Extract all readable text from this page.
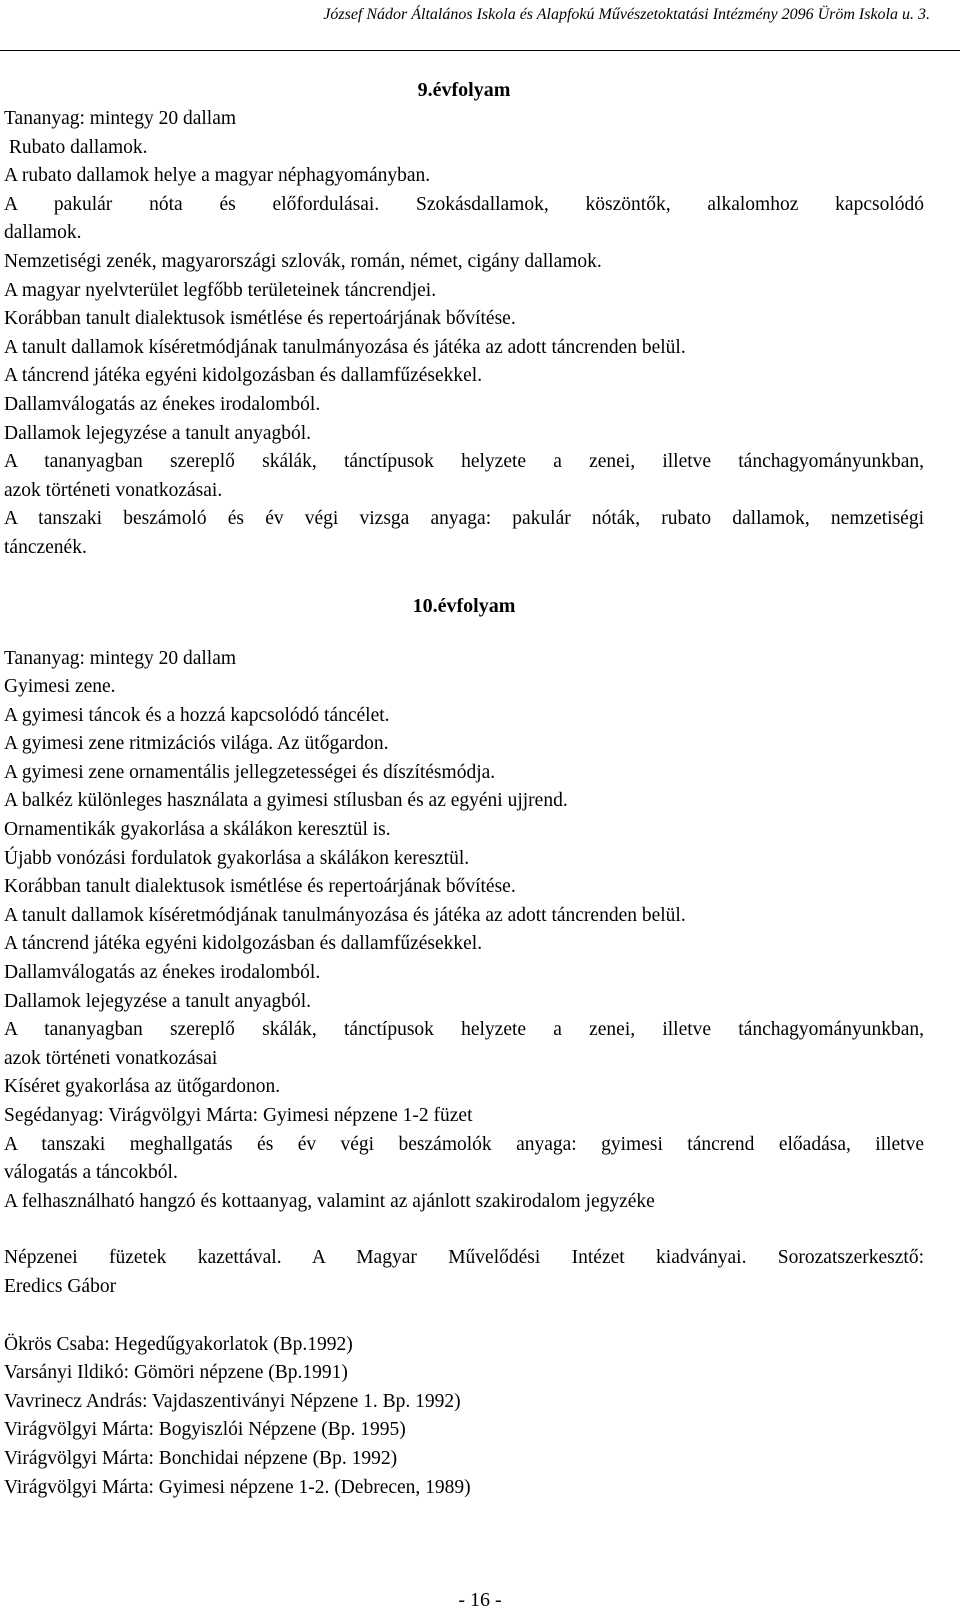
József Nádor Általános Iskola és Alapfokú Művészetoktatási Intézmény 2096 Üröm Iskola u. 3.

9.évfolyam

Tananyag: mintegy 20 dallam

Rubato dallamok.

A rubato dallamok helye a magyar néphagyományban.

A pakulár nóta és előfordulásai. Szokásdallamok, köszöntők, alkalomhoz kapcsolódó

dallamok.

Nemzetiségi zenék, magyarországi szlovák, román, német, cigány dallamok.

A magyar nyelvterület legfőbb területeinek táncrendjei.

Korábban tanult dialektusok ismétlése és repertoárjának bővítése.

A tanult dallamok kíséretmódjának tanulmányozása és játéka az adott táncrenden belül.

A táncrend játéka egyéni kidolgozásban és dallamfűzésekkel.

Dallamválogatás az énekes irodalomból.

Dallamok lejegyzése a tanult anyagból.

A tananyagban szereplő skálák, tánctípusok helyzete a zenei, illetve tánchagyományunkban,

azok történeti vonatkozásai.

A tanszaki beszámoló és év végi vizsga anyaga: pakulár nóták, rubato dallamok, nemzetiségi

tánczenék.

10.évfolyam

Tananyag: mintegy 20 dallam

Gyimesi zene.

A gyimesi táncok és a hozzá kapcsolódó táncélet.

A gyimesi zene ritmizációs világa. Az ütőgardon.

A gyimesi zene ornamentális jellegzetességei és díszítésmódja.

A balkéz különleges használata a gyimesi stílusban és az egyéni ujjrend.

Ornamentikák gyakorlása a skálákon keresztül is.

Újabb vonózási fordulatok gyakorlása a skálákon keresztül.

Korábban tanult dialektusok ismétlése és repertoárjának bővítése.

A tanult dallamok kíséretmódjának tanulmányozása és játéka az adott táncrenden belül.

A táncrend játéka egyéni kidolgozásban és dallamfűzésekkel.

Dallamválogatás az énekes irodalomból.

Dallamok lejegyzése a tanult anyagból.

A tananyagban szereplő skálák, tánctípusok helyzete a zenei, illetve tánchagyományunkban,

azok történeti vonatkozásai

Kíséret gyakorlása az ütőgardonon.

Segédanyag: Virágvölgyi Márta: Gyimesi népzene 1-2 füzet

A tanszaki meghallgatás és év végi beszámolók anyaga: gyimesi táncrend előadása, illetve

válogatás a táncokból.

A felhasználható hangzó és kottaanyag, valamint az ajánlott szakirodalom jegyzéke

Népzenei füzetek kazettával. A Magyar Művelődési Intézet kiadványai. Sorozatszerkesztő:

Eredics Gábor

Ökrös Csaba: Hegedűgyakorlatok (Bp.1992)

Varsányi Ildikó: Gömöri népzene (Bp.1991)

Vavrinecz András: Vajdaszentiványi Népzene 1. Bp. 1992)

Virágvölgyi Márta: Bogyiszlói Népzene (Bp. 1995)

Virágvölgyi Márta: Bonchidai népzene (Bp. 1992)

Virágvölgyi Márta: Gyimesi népzene 1-2. (Debrecen, 1989)

- 16 -
